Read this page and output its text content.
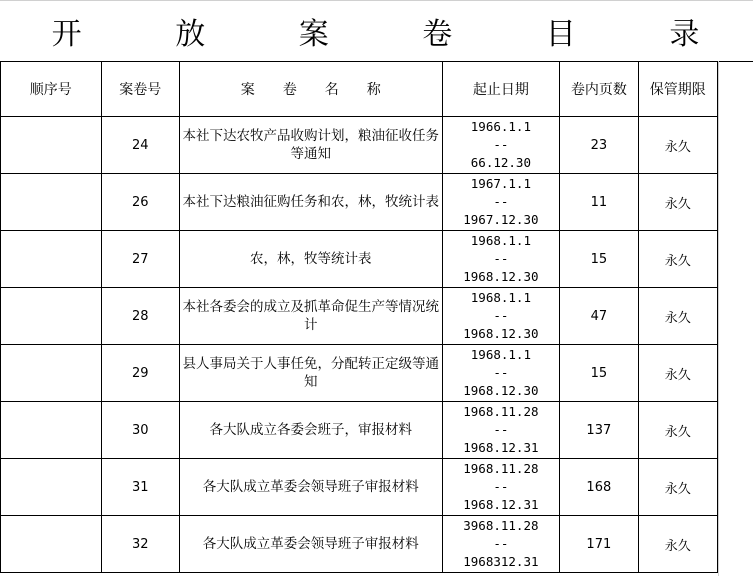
开 放 案 卷 目 录
顺序号	案卷号	案 卷 名 称	起止日期	卷内页数	保管期限
	24	本社下达农牧产品收购计划，粮油征收任务等通知	1966.1.1
--
66.12.30	23	永久
	26	本社下达粮油征购任务和农，林，牧统计表	1967.1.1
--
1967.12.30	11	永久
	27	农，林，牧等统计表	1968.1.1
--
1968.12.30	15	永久
	28	本社各委会的成立及抓革命促生产等情况统计	1968.1.1
--
1968.12.30	47	永久
	29	县人事局关于人事任免，分配转正定级等通知	1968.1.1
--
1968.12.30	15	永久
	30	各大队成立各委会班子，审报材料	1968.11.28
--
1968.12.31	137	永久
	31	各大队成立革委会领导班子审报材料	1968.11.28
--
1968.12.31	168	永久
	32	各大队成立革委会领导班子审报材料	3968.11.28
--
1968312.31	171	永久
